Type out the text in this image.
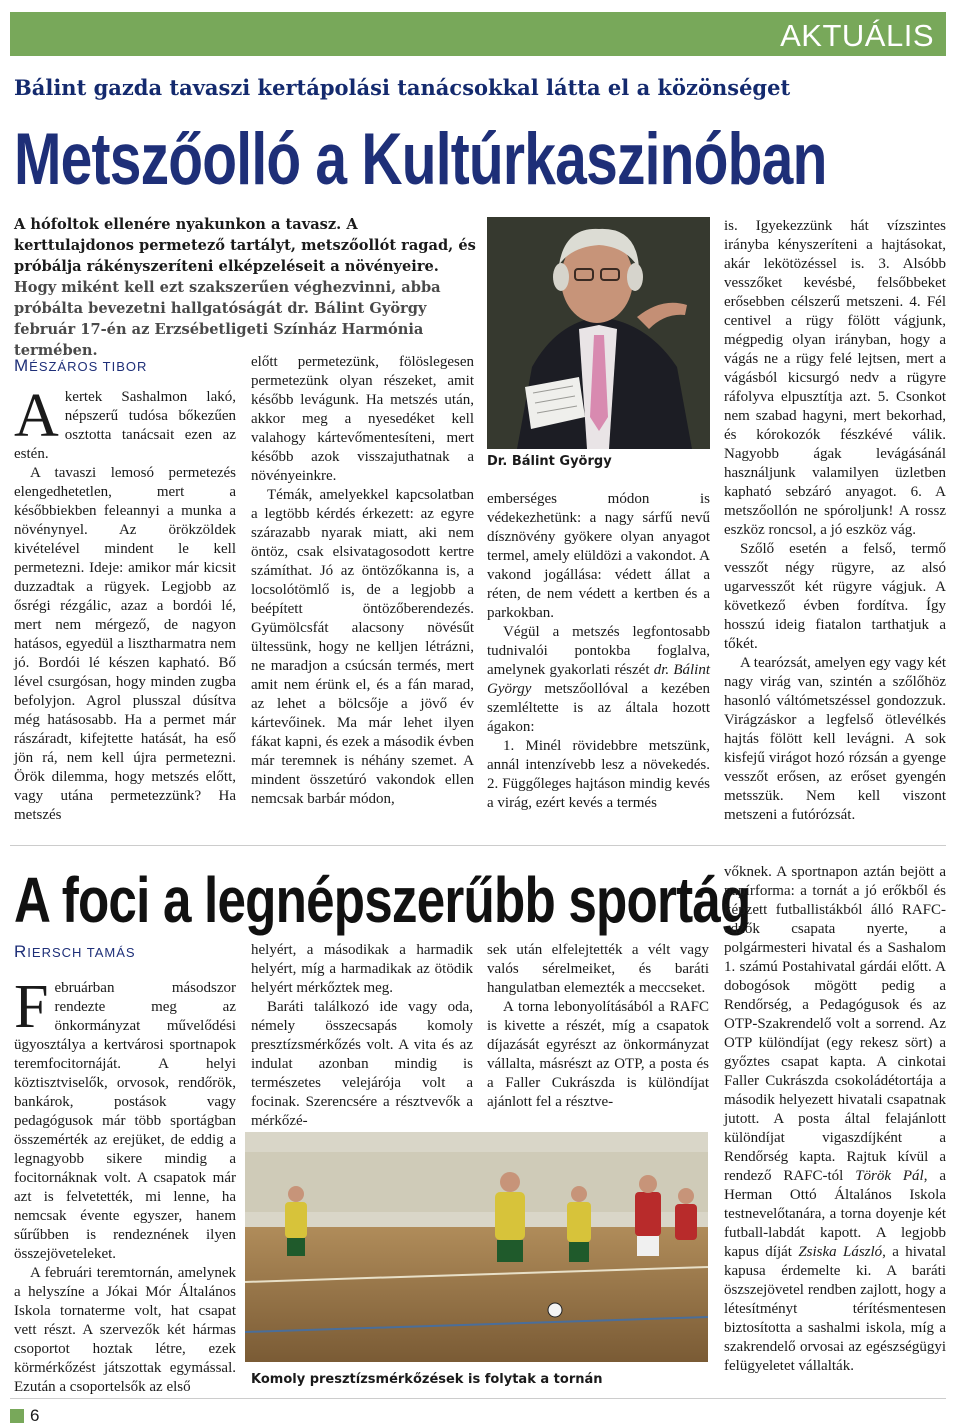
AKTUÁLIS
Bálint gazda tavaszi kertápolási tanácsokkal látta el a közönséget
Metszőolló a Kultúrkaszinóban
A hófoltok ellenére nyakunkon a tavasz. A kerttulajdonos permetező tartályt, metszőollót ragad, és próbálja rákényszeríteni elképzeléseit a növényeire. Hogy miként kell ezt szakszerűen véghezvinni, abba próbálta bevezetni hallgatóságát dr. Bálint György február 17-én az Erzsébetligeti Színház Harmónia termében.
MÉSZÁROS TIBOR

Akertek Sashalmon lakó, népszerű tudósa bőkezűen osztotta tanácsait ezen az estén.

A tavaszi lemosó permetezés elengedhetetlen, mert a későbbiekben feleannyi a munka a növénynyel. Az örökzöldek kivételével mindent le kell permetezni. Ideje: amikor már kicsit duzzadtak a rügyek. Legjobb az ősrégi rézgálic, azaz a bordói lé, mert nem mérgező, de nagyon hatásos, egyedül a lisztharmatra nem jó. Bordói lé készen kapható. Bő lével csurgósan, hogy minden zugba befolyjon. Agrol plusszal dúsítva még hatásosabb. Ha a permet már rászáradt, kifejtette hatását, ha eső jön rá, nem kell újra permetezni. Örök dilemma, hogy metszés előtt, vagy utána permetezzünk? Ha metszés

előtt permetezünk, fölöslegesen permetezünk olyan részeket, amit később levágunk. Ha metszés után, akkor meg a nyesedéket kell valahogy kártevőmentesíteni, mert később azok visszajuthatnak a növényeinkre.

Témák, amelyekkel kapcsolatban a legtöbb kérdés érkezett: az egyre szárazabb nyarak miatt, aki nem öntöz, csak elsivatagosodott kertre számíthat. Jó az öntözőkanna is, a locsolótömlő is, de a legjobb a beépített öntözőberendezés. Gyümölcsfát alacsony növésűt ültessünk, hogy ne kelljen létrázni, ne maradjon a csúcsán termés, mert amit nem érünk el, és a fán marad, az lehet a bölcsője a jövő év kártevőinek. Ma már lehet ilyen fákat kapni, és ezek a második évben már teremnek is néhány szemet. A mindent összetúró vakondok ellen nemcsak barbár módon,

Dr. Bálint György

emberséges módon is védekezhetünk: a nagy sárfű nevű dísznövény gyökere olyan anyagot termel, amely elüldözi a vakondot. A vakond jogállása: védett állat a réten, de nem védett a kertben és a parkokban.

Végül a metszés legfontosabb tudnivalói pontokba foglalva, amelynek gyakorlati részét dr. Bálint György metszőollóval a kezében szemléltette is az általa hozott ágakon:

1. Minél rövidebbre metszünk, annál intenzívebb lesz a növekedés. 2. Függőleges hajtáson mindig kevés a virág, ezért kevés a termés

is. Igyekezzünk hát vízszintes irányba kényszeríteni a hajtásokat, akár lekötözéssel is. 3. Alsóbb vesszőket kevésbé, felsőbbeket erősebben célszerű metszeni. 4. Fél centivel a rügy fölött vágjunk, mégpedig olyan irányban, hogy a vágás ne a rügy felé lejtsen, mert a vágásból kicsurgó nedv a rügyre ráfolyva elpusztítja azt. 5. Csonkot nem szabad hagyni, mert bekorhad, és kórokozók fészkévé válik. Nagyobb ágak levágásánál használjunk valamilyen üzletben kapható sebzáró anyagot. 6. A metszőollón ne spóroljunk! A rossz eszköz roncsol, a jó eszköz vág.

Szőlő esetén a felső, termő vesszőt négy rügyre, az alsó ugarvesszőt két rügyre vágjuk. A következő évben fordítva. Így hosszú ideig fiatalon tarthatjuk a tőkét.

A tearózsát, amelyen egy vagy két nagy virág van, szintén a szőlőhöz hasonló váltómetszéssel gondozzuk. Virágzáskor a legfelső ötlevélkés hajtás fölött kell levágni. A sok kisfejű virágot hozó rózsán a gyenge vesszőt erősen, az erőset gyengén metsszük. Nem kell viszont metszeni a futórózsát.

A foci a legnépszerűbb sportág
RIERSCH TAMÁS

Februárban másodszor rendezte meg az önkormányzat művelődési ügyosztálya a kertvárosi sportnapok teremfocitornáját. A helyi köztisztviselők, orvosok, rendőrök, bankárok, postások vagy pedagógusok már több sportágban összemérték az erejüket, de eddig a legnagyobb sikere mindig a focitornáknak volt. A csapatok már azt is felvetették, mi lenne, ha nemcsak évente egyszer, hanem sűrűbben is rendeznének ilyen összejöveteleket.

A februári teremtornán, amelynek a helyszíne a Jókai Mór Általános Iskola tornaterme volt, hat csapat vett részt. A szervezők két hármas csoportot hoztak létre, ezek körmérkőzést játszottak egymással. Ezután a csoportelsők az első

helyért, a másodikak a harmadik helyért, míg a harmadikak az ötödik helyért mérkőztek meg.

Baráti találkozó ide vagy oda, némely összecsapás komoly presztízsmérkőzés volt. A vita és az indulat azonban mindig is természetes velejárója volt a focinak. Szerencsére a résztvevők a mérkőzé-

sek után elfelejtették a vélt vagy valós sérelmeiket, és baráti hangulatban elemezték a meccseket.

A torna lebonyolításából a RAFC is kivette a részét, míg a csapatok díjazását egyrészt az önkormányzat vállalta, másrészt az OTP, a posta és a Faller Cukrászda is különdíjat ajánlott fel a résztve-

vőknek. A sportnapon aztán bejött a papírforma: a tornát a jó erőkből és képzett futballistákból álló RAFC-edzők csapata nyerte, a polgármesteri hivatal és a Sashalom 1. számú Postahivatal gárdái előtt. A dobogósok mögött pedig a Rendőrség, a Pedagógusok és az OTP-Szakrendelő volt a sorrend. Az OTP különdíjat (egy rekesz sört) a győztes csapat kapta. A cinkotai Faller Cukrászda csokoládétortája a második helyezett hivatali csapatnak jutott. A posta által felajánlott különdíjat vigaszdíjként a Rendőrség kapta. Rajtuk kívül a rendező RAFC-tól Török Pál, a Herman Ottó Általános Iskola testnevelőtanára, a torna doyenje két futball-labdát kapott. A legjobb kapus díját Zsiska László, a hivatal kapusa érdemelte ki. A baráti öszszejövetel rendben zajlott, hogy a létesítményt térítésmentesen biztosította a sashalmi iskola, míg a szakrendelő orvosai az egészségügyi felügyeletet vállalták.

Komoly presztízsmérkőzések is folytak a tornán
6
